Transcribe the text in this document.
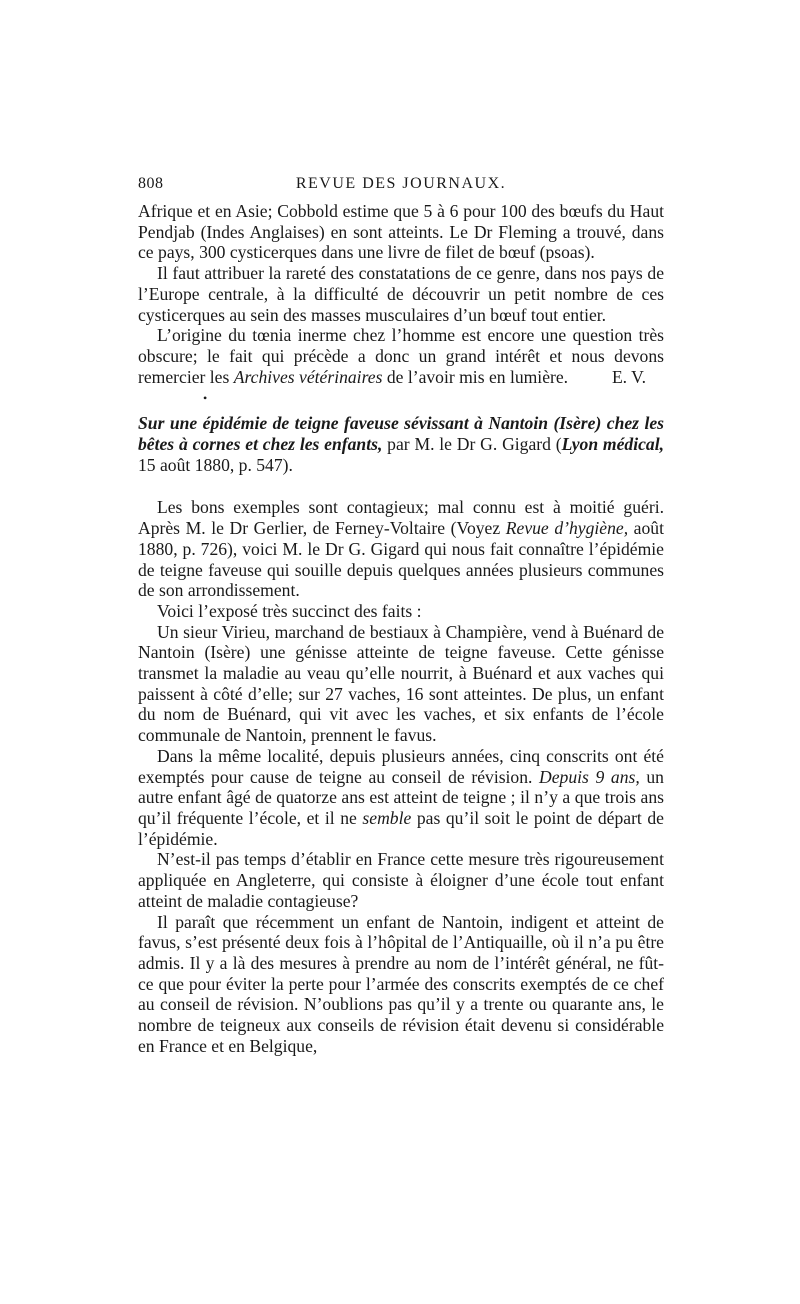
808	REVUE DES JOURNAUX.

Afrique et en Asie; Cobbold estime que 5 à 6 pour 100 des bœufs du Haut Pendjab (Indes Anglaises) en sont atteints. Le Dr Fleming a trouvé, dans ce pays, 300 cysticerques dans une livre de filet de bœuf (psoas).

Il faut attribuer la rareté des constatations de ce genre, dans nos pays de l’Europe centrale, à la difficulté de découvrir un petit nombre de ces cysticerques au sein des masses musculaires d’un bœuf tout entier.

L’origine du tœnia inerme chez l’homme est encore une question très obscure; le fait qui précède a donc un grand intérêt et nous devons remercier les Archives vétérinaires de l’avoir mis en lumière.	E. V.
•

Sur une épidémie de teigne faveuse sévissant à Nantoin (Isère) chez les bêtes à cornes et chez les enfants, par M. le Dr G. Gigard (Lyon médical, 15 août 1880, p. 547).

Les bons exemples sont contagieux; mal connu est à moitié guéri. Après M. le Dr Gerlier, de Ferney-Voltaire (Voyez Revue d’hygiène, août 1880, p. 726), voici M. le Dr G. Gigard qui nous fait connaître l’épidémie de teigne faveuse qui souille depuis quelques années plusieurs communes de son arrondissement.

Voici l’exposé très succinct des faits :

Un sieur Virieu, marchand de bestiaux à Champière, vend à Buénard de Nantoin (Isère) une génisse atteinte de teigne faveuse. Cette génisse transmet la maladie au veau qu’elle nourrit, à Buénard et aux vaches qui paissent à côté d’elle; sur 27 vaches, 16 sont atteintes. De plus, un enfant du nom de Buénard, qui vit avec les vaches, et six enfants de l’école communale de Nantoin, prennent le favus.

Dans la même localité, depuis plusieurs années, cinq conscrits ont été exemptés pour cause de teigne au conseil de révision. Depuis 9 ans, un autre enfant âgé de quatorze ans est atteint de teigne ; il n’y a que trois ans qu’il fréquente l’école, et il ne semble pas qu’il soit le point de départ de l’épidémie.

N’est-il pas temps d’établir en France cette mesure très rigoureusement appliquée en Angleterre, qui consiste à éloigner d’une école tout enfant atteint de maladie contagieuse?

Il paraît que récemment un enfant de Nantoin, indigent et atteint de favus, s’est présenté deux fois à l’hôpital de l’Antiquaille, où il n’a pu être admis. Il y a là des mesures à prendre au nom de l’intérêt général, ne fût-ce que pour éviter la perte pour l’armée des conscrits exemptés de ce chef au conseil de révision. N’oublions pas qu’il y a trente ou quarante ans, le nombre de teigneux aux conseils de révision était devenu si considérable en France et en Belgique,
